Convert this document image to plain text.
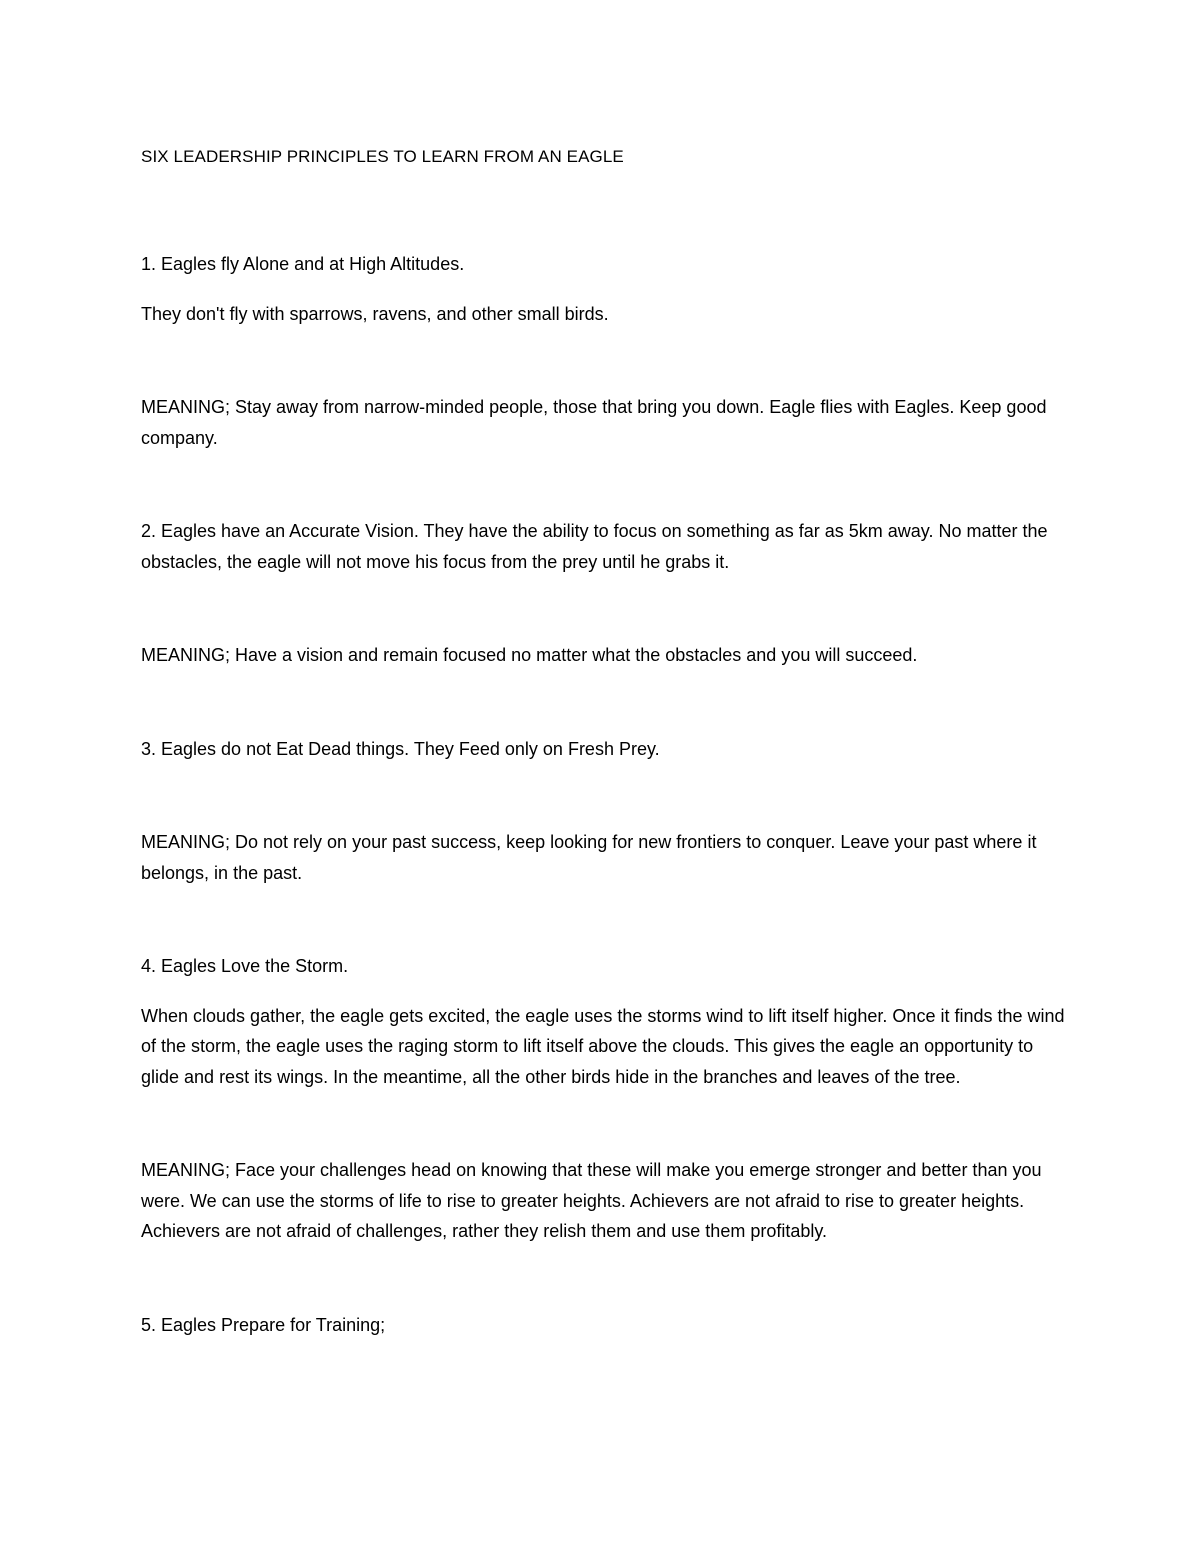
SIX LEADERSHIP PRINCIPLES TO LEARN FROM AN EAGLE
1. Eagles fly Alone and at High Altitudes.
They don't fly with sparrows, ravens, and other small birds.
MEANING; Stay away from narrow-minded people, those that bring you down. Eagle flies with Eagles. Keep good company.
2. Eagles have an Accurate Vision. They have the ability to focus on something as far as 5km away. No matter the obstacles, the eagle will not move his focus from the prey until he grabs it.
MEANING; Have a vision and remain focused no matter what the obstacles and you will succeed.
3. Eagles do not Eat Dead things. They Feed only on Fresh Prey.
MEANING; Do not rely on your past success, keep looking for new frontiers to conquer. Leave your past where it belongs, in the past.
4. Eagles Love the Storm.
When clouds gather, the eagle gets excited, the eagle uses the storms wind to lift itself higher. Once it finds the wind of the storm, the eagle uses the raging storm to lift itself above the clouds. This gives the eagle an opportunity to glide and rest its wings. In the meantime, all the other birds hide in the branches and leaves of the tree.
MEANING; Face your challenges head on knowing that these will make you emerge stronger and better than you were. We can use the storms of life to rise to greater heights. Achievers are not afraid to rise to greater heights. Achievers are not afraid of challenges, rather they relish them and use them profitably.
5. Eagles Prepare for Training;
